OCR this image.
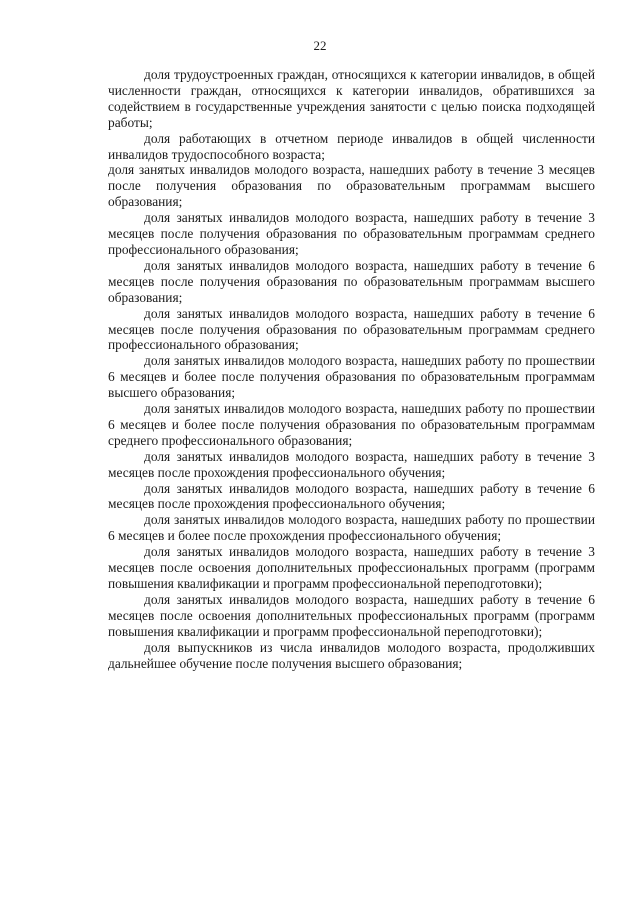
22

доля трудоустроенных граждан, относящихся к категории инвалидов, в общей численности граждан, относящихся к категории инвалидов, обратившихся за содействием в государственные учреждения занятости с целью поиска подходящей работы;

доля работающих в отчетном периоде инвалидов в общей численности инвалидов трудоспособного возраста;

доля занятых инвалидов молодого возраста, нашедших работу в течение 3 месяцев после получения образования по образовательным программам высшего образования;

доля занятых инвалидов молодого возраста, нашедших работу в течение 3 месяцев после получения образования по образовательным программам среднего профессионального образования;

доля занятых инвалидов молодого возраста, нашедших работу в течение 6 месяцев после получения образования по образовательным программам высшего образования;

доля занятых инвалидов молодого возраста, нашедших работу в течение 6 месяцев после получения образования по образовательным программам среднего профессионального образования;

доля занятых инвалидов молодого возраста, нашедших работу по прошествии 6 месяцев и более после получения образования по образовательным программам высшего образования;

доля занятых инвалидов молодого возраста, нашедших работу по прошествии 6 месяцев и более после получения образования по образовательным программам среднего профессионального образования;

доля занятых инвалидов молодого возраста, нашедших работу в течение 3 месяцев после прохождения профессионального обучения;

доля занятых инвалидов молодого возраста, нашедших работу в течение 6 месяцев после прохождения профессионального обучения;

доля занятых инвалидов молодого возраста, нашедших работу по прошествии 6 месяцев и более после прохождения профессионального обучения;

доля занятых инвалидов молодого возраста, нашедших работу в течение 3 месяцев после освоения дополнительных профессиональных программ (программ повышения квалификации и программ профессиональной переподготовки);

доля занятых инвалидов молодого возраста, нашедших работу в течение 6 месяцев после освоения дополнительных профессиональных программ (программ повышения квалификации и программ профессиональной переподготовки);

доля выпускников из числа инвалидов молодого возраста, продолживших дальнейшее обучение после получения высшего образования;
